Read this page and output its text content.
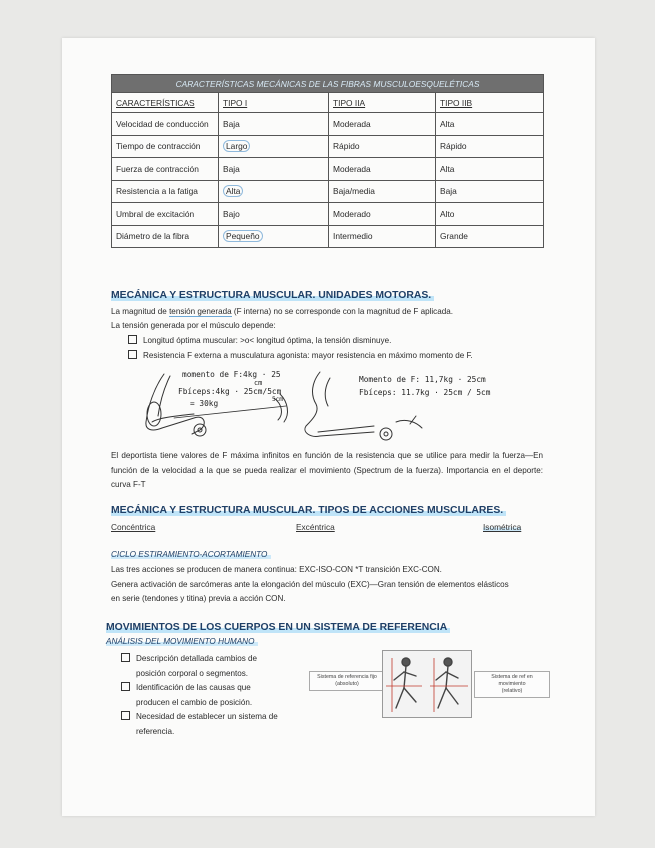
CARACTERÍSTICAS MECÁNICAS DE LAS FIBRAS MUSCULOESQUELÉTICAS			
CARACTERÍSTICAS	TIPO I	TIPO IIA	TIPO IIB
Velocidad de conducción	Baja	Moderada	Alta
Tiempo de contracción	Largo	Rápido	Rápido
Fuerza de contracción	Baja	Moderada	Alta
Resistencia a la fatiga	Alta	Baja/media	Baja
Umbral de excitación	Bajo	Moderado	Alto
Diámetro de la fibra	Pequeño	Intermedio	Grande
MECÁNICA Y ESTRUCTURA MUSCULAR. UNIDADES MOTORAS.
La magnitud de tensión generada (F interna) no se corresponde con la magnitud de F aplicada.
La tensión generada por el músculo depende:
Longitud óptima muscular: >o< longitud óptima, la tensión disminuye.
Resistencia F externa a musculatura agonista: mayor resistencia en máximo momento de F.
momento de F:4kg · 25
cm
Fbíceps:4kg · 25cm/5cm
= 30kg	5cm
Momento de F: 11,7kg · 25cm
Fbíceps: 11.7kg · 25cm / 5cm
El deportista tiene valores de F máxima infinitos en función de la resistencia que se utilice para medir la fuerza—En función de la velocidad a la que se pueda realizar el movimiento (Spectrum de la fuerza). Importancia en el deporte: curva F-T
MECÁNICA Y ESTRUCTURA MUSCULAR. TIPOS DE ACCIONES MUSCULARES.
Concéntrica	Excéntrica	Isométrica
CICLO ESTIRAMIENTO-ACORTAMIENTO
Las tres acciones se producen de manera continua: EXC-ISO-CON *T transición EXC-CON.
Genera activación de sarcómeras ante la elongación del músculo (EXC)—Gran tensión de elementos elásticos
en serie (tendones y titina) previa a acción CON.
MOVIMIENTOS DE LOS CUERPOS EN UN SISTEMA DE REFERENCIA
ANÁLISIS DEL MOVIMIENTO HUMANO
Descripción detallada cambios de
posición corporal o segmentos.
Identificación de las causas que
producen el cambio de posición.
Necesidad de establecer un sistema de
referencia.
Sistema de referencia fijo
(absoluto)
Sistema de ref en movimiento
(relativo)
